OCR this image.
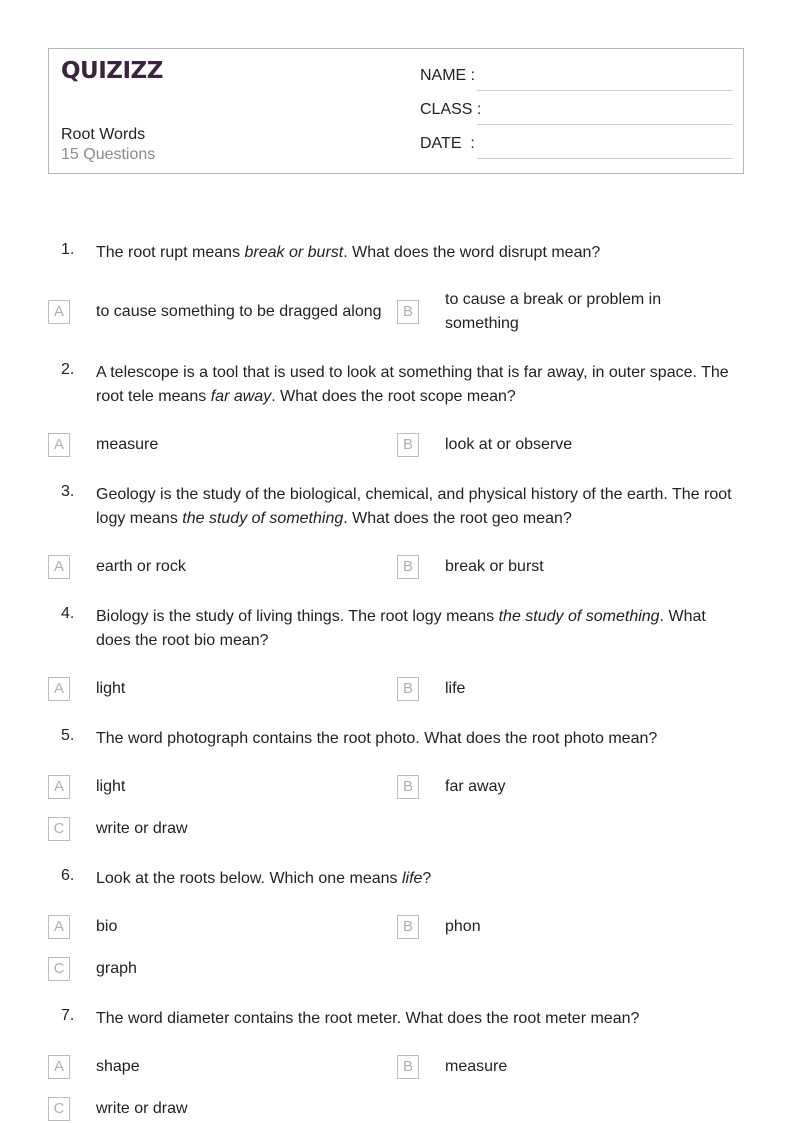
QUIZIZZ
Root Words
15 Questions
NAME :
CLASS :
DATE  :
1. The root rupt means break or burst. What does the word disrupt mean?
A	to cause something to be dragged along	B
to cause a break or problem in something
2. A telescope is a tool that is used to look at something that is far away, in outer space. The root tele means far away. What does the root scope mean?
A	measure	B	look at or observe
3. Geology is the study of the biological, chemical, and physical history of the earth. The root logy means the study of something. What does the root geo mean?
A	earth or rock	B	break or burst
4. Biology is the study of living things. The root logy means the study of something. What does the root bio mean?
A	light	B	life
5. The word photograph contains the root photo. What does the root photo mean?
A	light	B	far away
C	write or draw
6. Look at the roots below. Which one means life?
A	bio	B	phon
C	graph
7. The word diameter contains the root meter. What does the root meter mean?
A	shape	B	measure
C	write or draw
